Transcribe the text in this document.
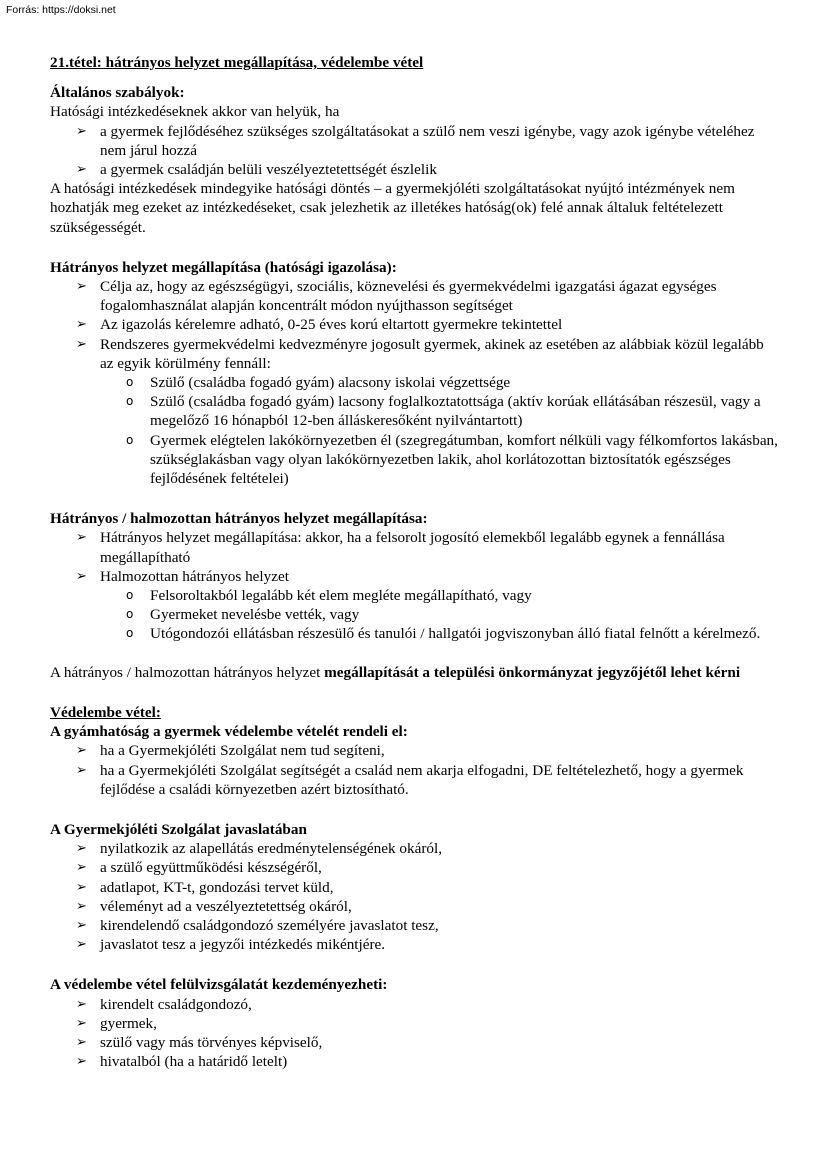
Forrás: https://doksi.net

21.tétel: hátrányos helyzet megállapítása, védelembe vétel

Általános szabályok:

Hatósági intézkedéseknek akkor van helyük, ha

➢ a gyermek fejlődéséhez szükséges szolgáltatásokat a szülő nem veszi igénybe, vagy azok igénybe vételéhez nem járul hozzá
➢ a gyermek családján belüli veszélyeztetettségét észlelik

A hatósági intézkedések mindegyike hatósági döntés – a gyermekjóléti szolgáltatásokat nyújtó intézmények nem hozhatják meg ezeket az intézkedéseket, csak jelezhetik az illetékes hatóság(ok) felé annak általuk feltételezett szükségességét.

Hátrányos helyzet megállapítása (hatósági igazolása):

➢ Célja az, hogy az egészségügyi, szociális, köznevelési és gyermekvédelmi igazgatási ágazat egységes fogalomhasználat alapján koncentrált módon nyújthasson segítséget
➢ Az igazolás kérelemre adható, 0-25 éves korú eltartott gyermekre tekintettel
➢ Rendszeres gyermekvédelmi kedvezményre jogosult gyermek, akinek az esetében az alábbiak közül legalább az egyik körülmény fennáll:
o Szülő (családba fogadó gyám) alacsony iskolai végzettsége
o Szülő (családba fogadó gyám) lacsony foglalkoztatottsága (aktív korúak ellátásában részesül, vagy a megelőző 16 hónapból 12-ben álláskeresőként nyilvántartott)
o Gyermek elégtelen lakókörnyezetben él (szegregátumban, komfort nélküli vagy félkomfortos lakásban, szükséglakásban vagy olyan lakókörnyezetben lakik, ahol korlátozottan biztosítatók egészséges fejlődésének feltételei)

Hátrányos / halmozottan hátrányos helyzet megállapítása:

➢ Hátrányos helyzet megállapítása: akkor, ha a felsorolt jogosító elemekből legalább egynek a fennállása megállapítható
➢ Halmozottan hátrányos helyzet
o Felsoroltakból legalább két elem megléte megállapítható, vagy
o Gyermeket nevelésbe vették, vagy
o Utógondozói ellátásban részesülő és tanulói / hallgatói jogviszonyban álló fiatal felnőtt a kérelmező.

A hátrányos / halmozottan hátrányos helyzet megállapítását a települési önkormányzat jegyzőjétől lehet kérni

Védelembe vétel:

A gyámhatóság a gyermek védelembe vételét rendeli el:

➢ ha a Gyermekjóléti Szolgálat nem tud segíteni,
➢ ha a Gyermekjóléti Szolgálat segítségét a család nem akarja elfogadni, DE feltételezhető, hogy a gyermek fejlődése a családi környezetben azért biztosítható.

A Gyermekjóléti Szolgálat javaslatában

➢ nyilatkozik az alapellátás eredménytelenségének okáról,
➢ a szülő együttműködési készségéről,
➢ adatlapot, KT-t, gondozási tervet küld,
➢ véleményt ad a veszélyeztetettség okáról,
➢ kirendelendő családgondozó személyére javaslatot tesz,
➢ javaslatot tesz a jegyzői intézkedés mikéntjére.

A védelembe vétel felülvizsgálatát kezdeményezheti:

➢ kirendelt családgondozó,
➢ gyermek,
➢ szülő vagy más törvényes képviselő,
➢ hivatalból (ha a határidő letelt)
